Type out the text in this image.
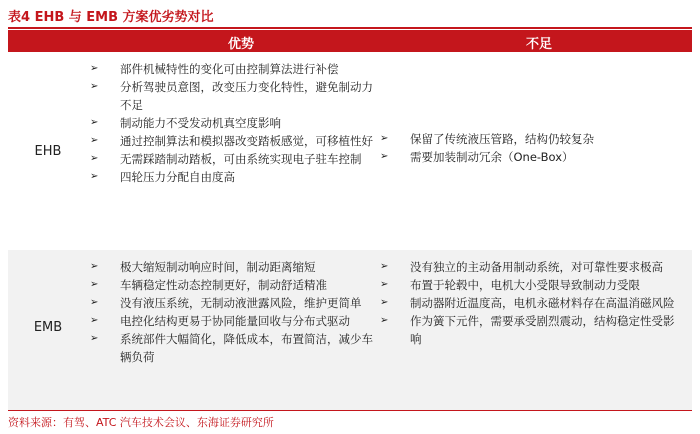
表4 EHB 与 EMB 方案优劣势对比
优势	不足
EHB
➢ 部件机械特性的变化可由控制算法进行补偿
➢ 分析驾驶员意图，改变压力变化特性，避免制动力不足
➢ 制动能力不受发动机真空度影响
➢ 通过控制算法和模拟器改变踏板感觉，可移植性好
➢ 无需踩踏制动踏板，可由系统实现电子驻车控制
➢ 四轮压力分配自由度高
➢ 保留了传统液压管路，结构仍较复杂
➢ 需要加装制动冗余（One-Box）
EMB
➢ 极大缩短制动响应时间，制动距离缩短
➢ 车辆稳定性动态控制更好，制动舒适精准
➢ 没有液压系统，无制动液泄露风险，维护更简单
➢ 电控化结构更易于协同能量回收与分布式驱动
➢ 系统部件大幅简化，降低成本，布置简洁，减少车辆负荷
➢ 没有独立的主动备用制动系统，对可靠性要求极高
➢ 布置于轮毂中，电机大小受限导致制动力受限
➢ 制动器附近温度高，电机永磁材料存在高温消磁风险
➢ 作为簧下元件，需要承受剧烈震动，结构稳定性受影响
资料来源：有驾、ATC 汽车技术会议、东海证券研究所
